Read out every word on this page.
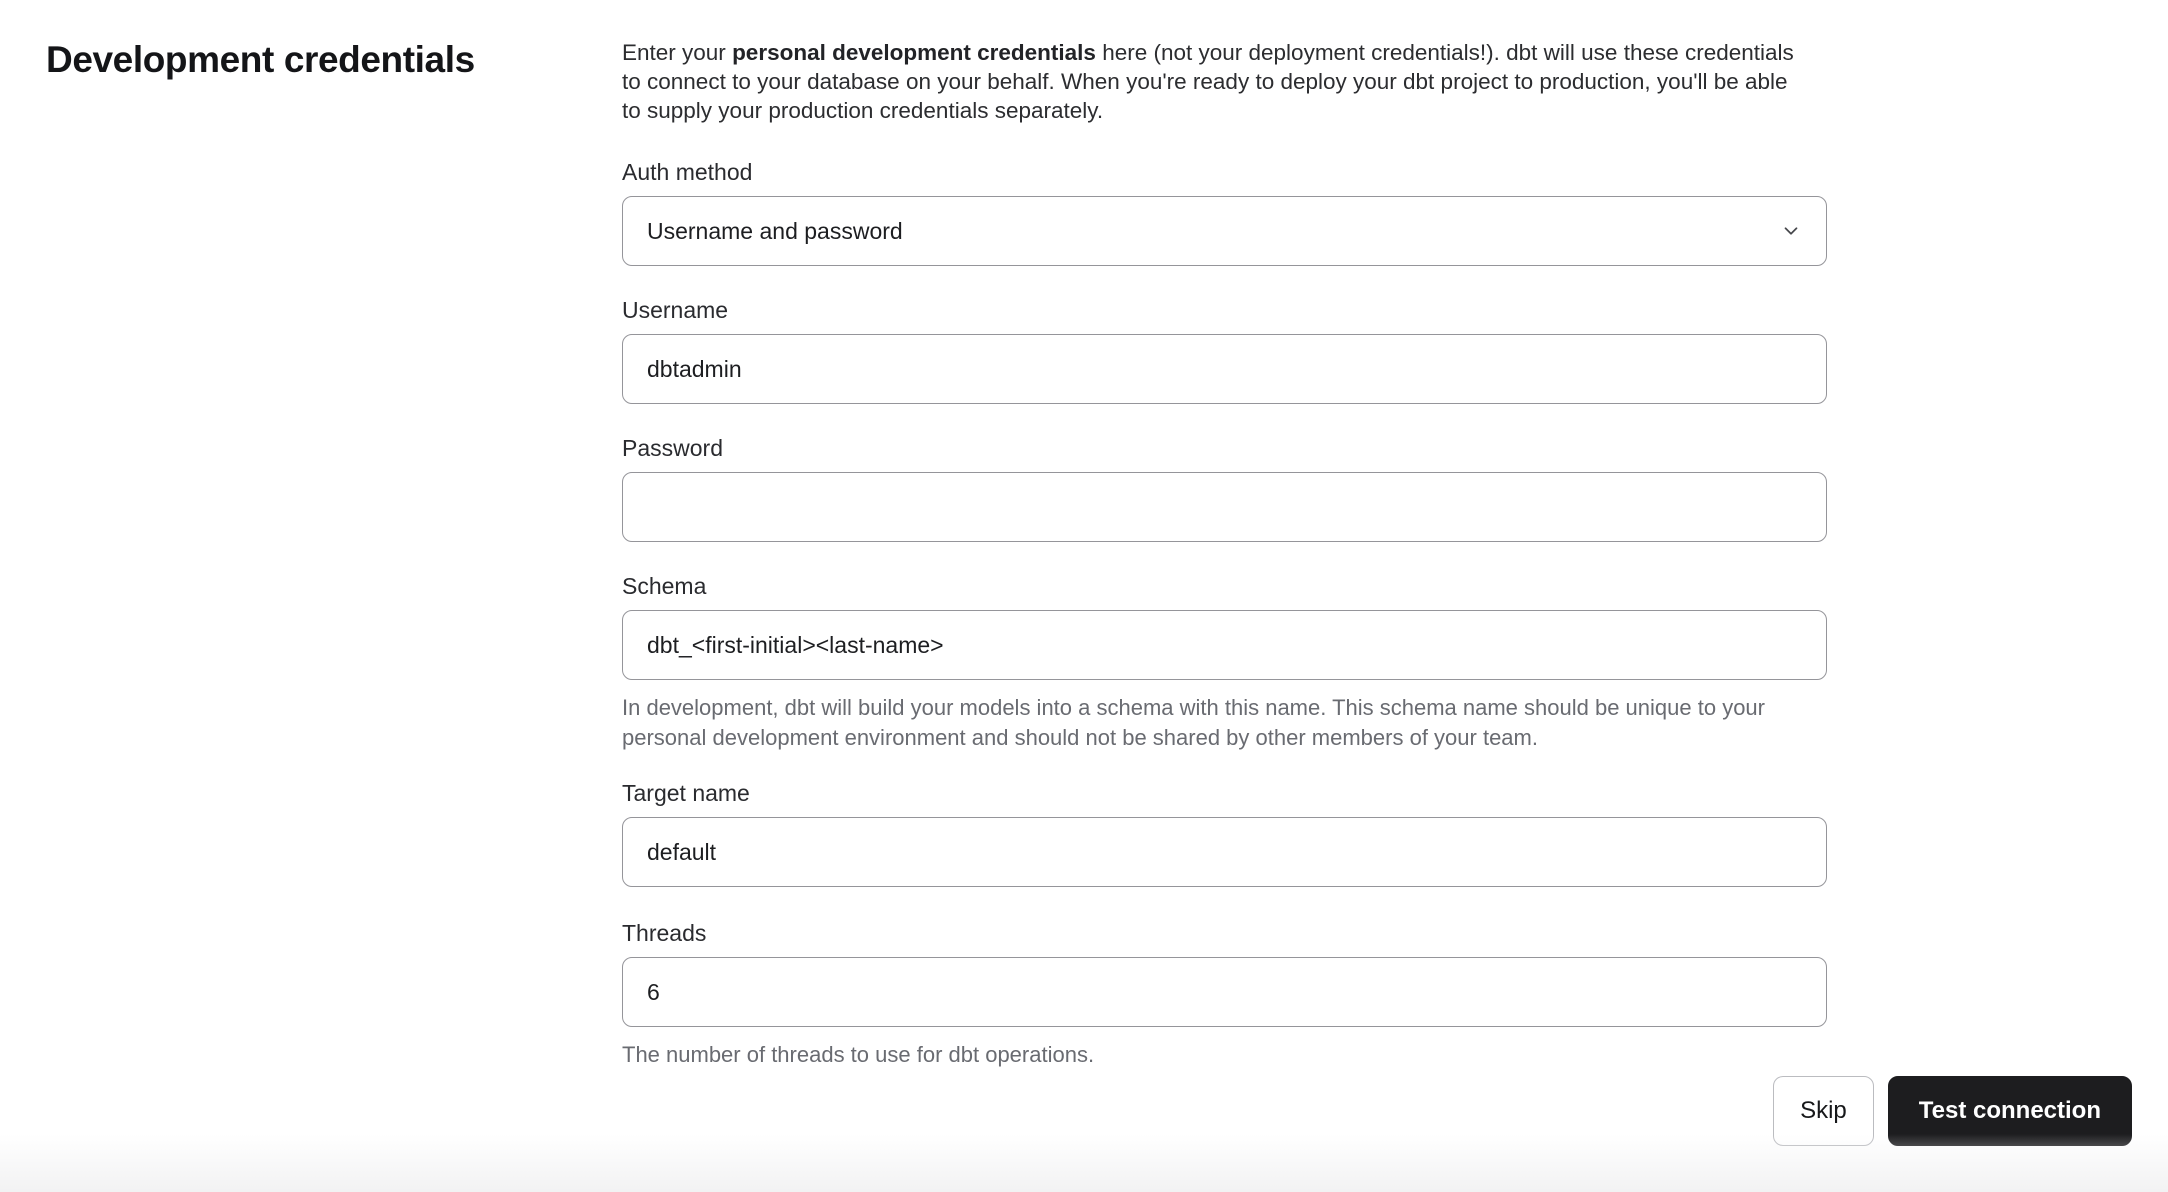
Development credentials	Enter your personal development credentials here (not your deployment credentials!). dbt will use these credentials to connect to your database on your behalf. When you're ready to deploy your dbt project to production, you'll be able to supply your production credentials separately.

Auth method
Username and password
Username
dbtadmin
Password
Schema
dbt_<first-initial><last-name>
In development, dbt will build your models into a schema with this name. This schema name should be unique to your personal development environment and should not be shared by other members of your team.
Target name
default
Threads
6
The number of threads to use for dbt operations.
Skip	Test connection
